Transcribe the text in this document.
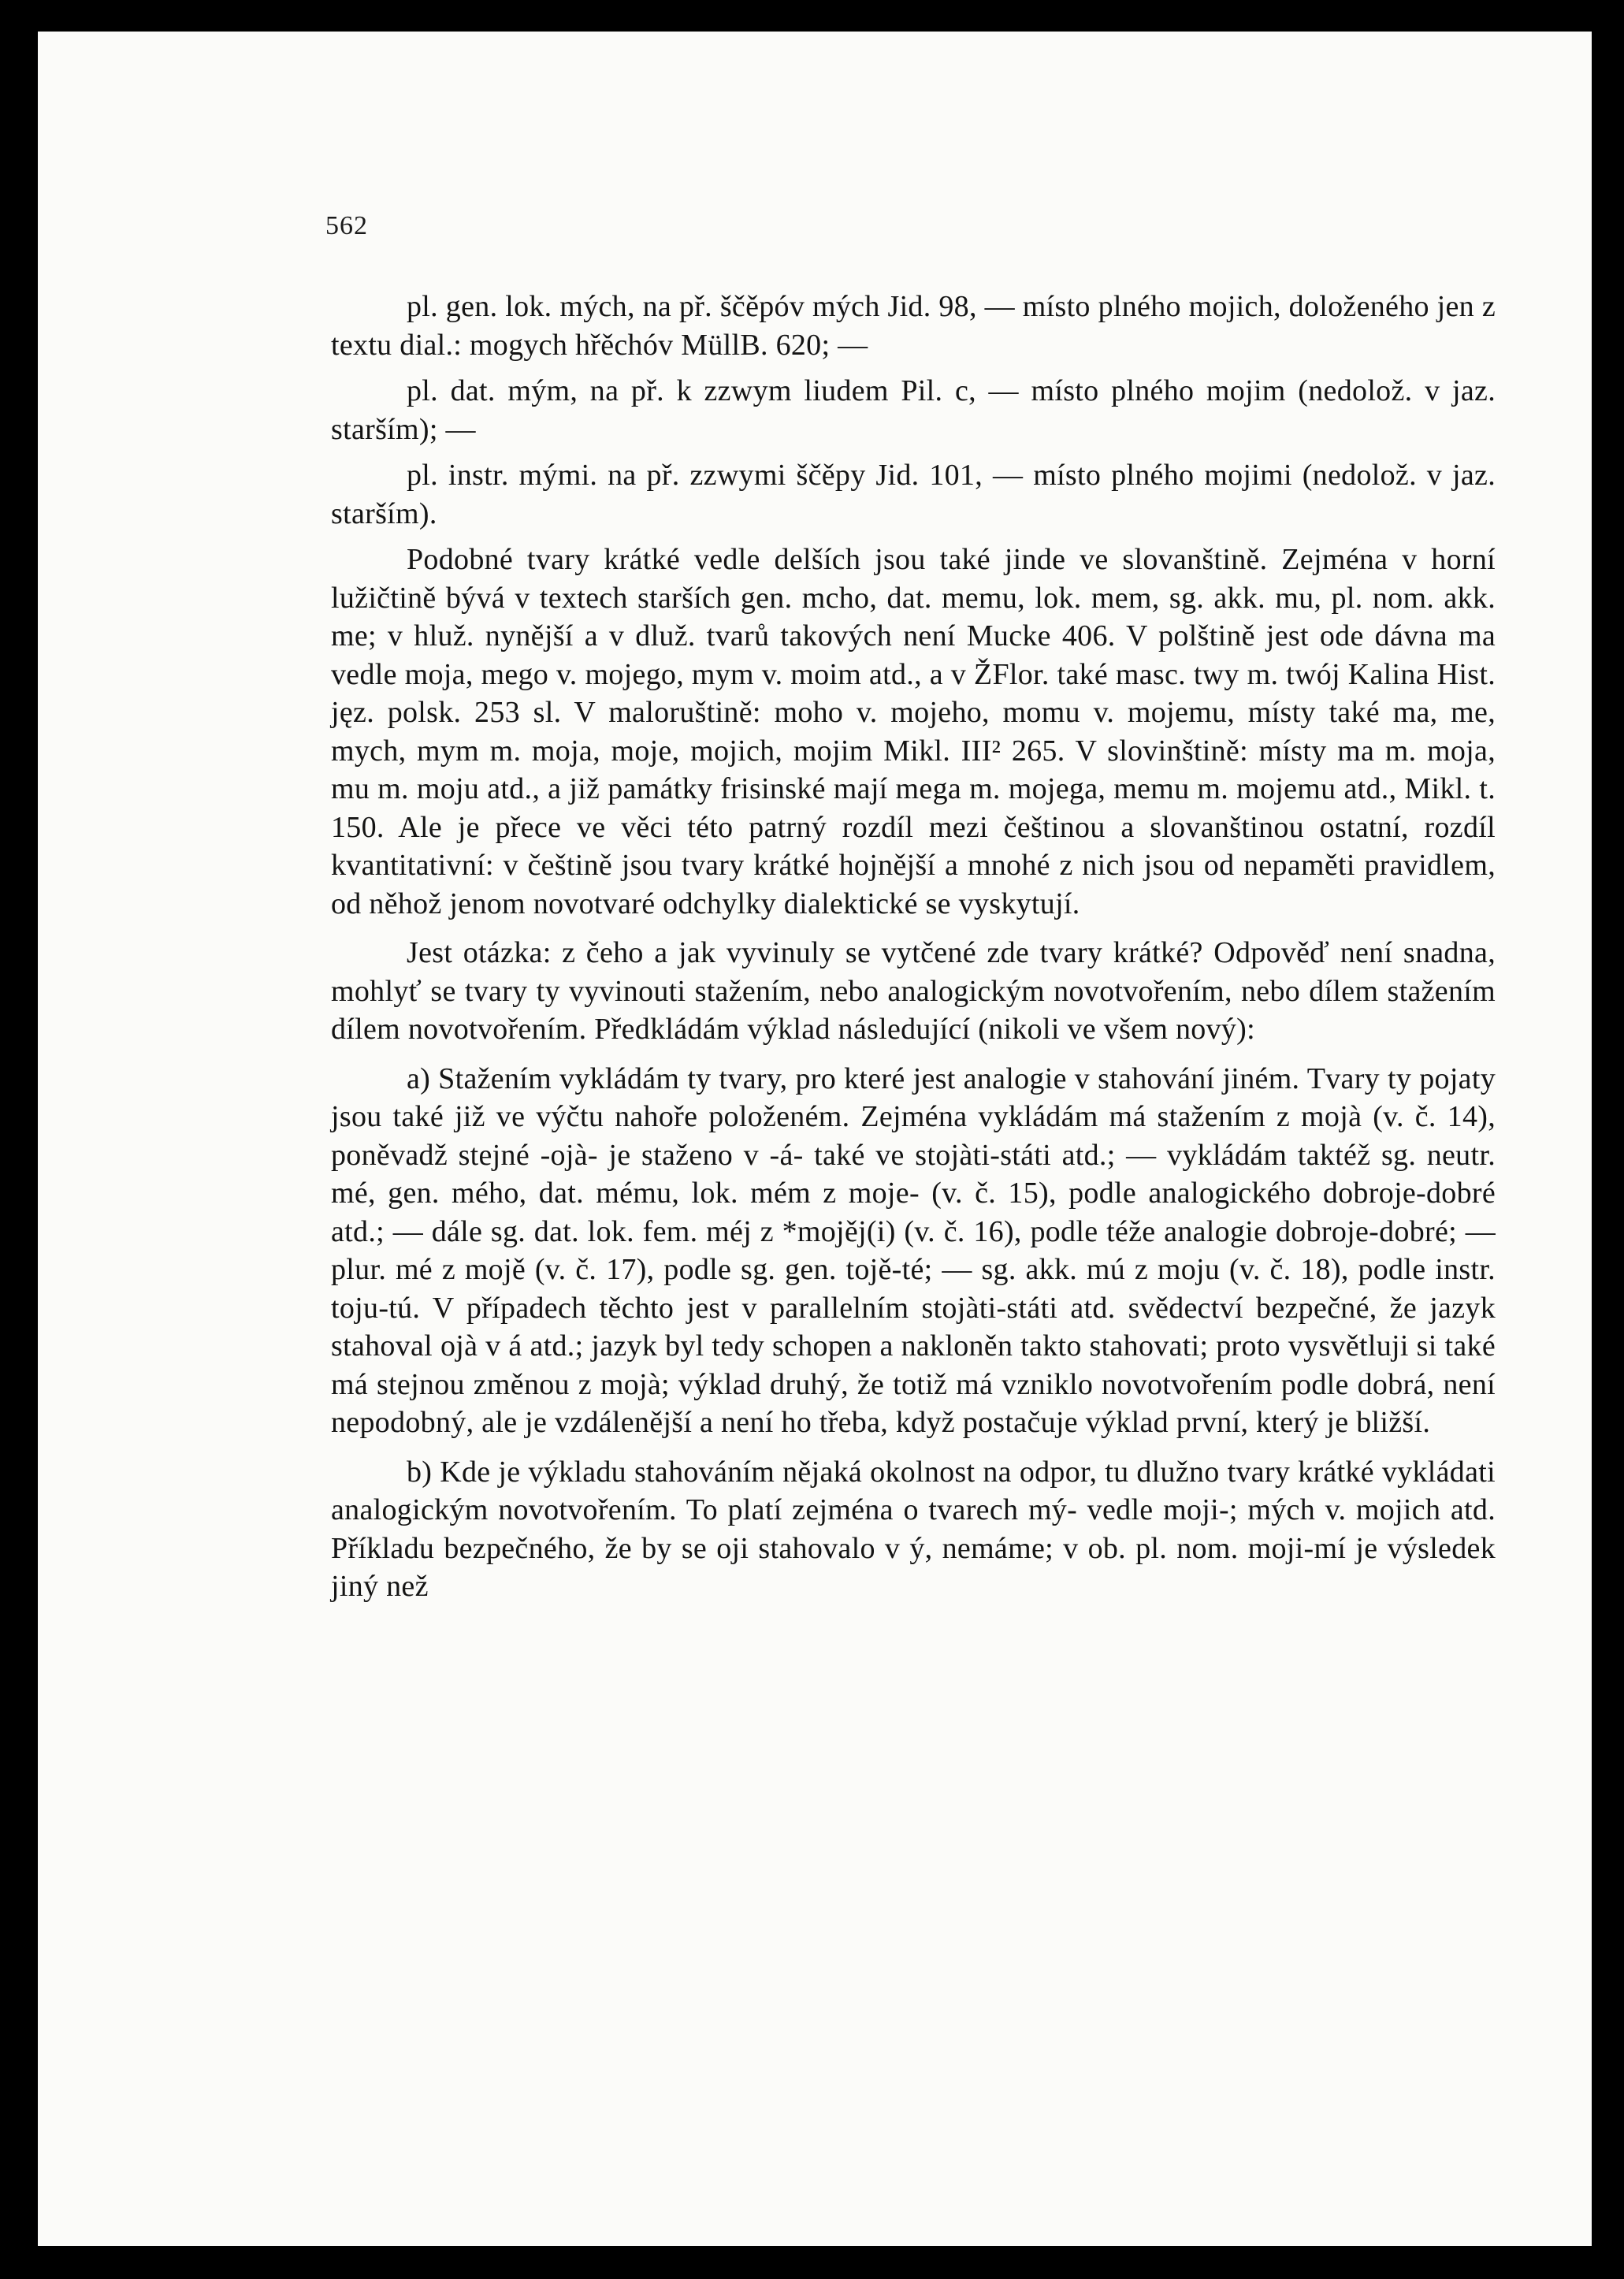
562

pl. gen. lok. mých, na př. ščěpóv mých Jid. 98, — místo plného mojich, doloženého jen z textu dial.: mogych hřěchóv MüllB. 620; —

pl. dat. mým, na př. k zzwym liudem Pil. c, — místo plného mojim (nedolož. v jaz. starším); —

pl. instr. mými. na př. zzwymi ščěpy Jid. 101, — místo plného mojimi (nedolož. v jaz. starším).

Podobné tvary krátké vedle delších jsou také jinde ve slovanštině. Zejména v horní lužičtině bývá v textech starších gen. mcho, dat. memu, lok. mem, sg. akk. mu, pl. nom. akk. me; v hluž. nynější a v dluž. tvarů takových není Mucke 406. V polštině jest ode dávna ma vedle moja, mego v. mojego, mym v. moim atd., a v ŽFlor. také masc. twy m. twój Kalina Hist. jęz. polsk. 253 sl. V maloruštině: moho v. mojeho, momu v. mojemu, místy také ma, me, mych, mym m. moja, moje, mojich, mojim Mikl. III² 265. V slovinštině: místy ma m. moja, mu m. moju atd., a již památky frisinské mají mega m. mojega, memu m. mojemu atd., Mikl. t. 150. Ale je přece ve věci této patrný rozdíl mezi češtinou a slovanštinou ostatní, rozdíl kvantitativní: v češtině jsou tvary krátké hojnější a mnohé z nich jsou od nepaměti pravidlem, od něhož jenom novotvaré odchylky dialektické se vyskytují.

Jest otázka: z čeho a jak vyvinuly se vytčené zde tvary krátké? Odpověď není snadna, mohlyť se tvary ty vyvinouti stažením, nebo analogickým novotvořením, nebo dílem stažením dílem novotvořením. Předkládám výklad následující (nikoli ve všem nový):

a) Stažením vykládám ty tvary, pro které jest analogie v stahování jiném. Tvary ty pojaty jsou také již ve výčtu nahoře položeném. Zejména vykládám má stažením z mojà (v. č. 14), poněvadž stejné -ojà- je staženo v -á- také ve stojàti-státi atd.; — vykládám taktéž sg. neutr. mé, gen. mého, dat. mému, lok. mém z moje- (v. č. 15), podle analogického dobroje-dobré atd.; — dále sg. dat. lok. fem. méj z *mojěj(i) (v. č. 16), podle téže analogie dobroje-dobré; — plur. mé z mojě (v. č. 17), podle sg. gen. tojě-té; — sg. akk. mú z moju (v. č. 18), podle instr. toju-tú. V případech těchto jest v parallelním stojàti-státi atd. svědectví bezpečné, že jazyk stahoval ojà v á atd.; jazyk byl tedy schopen a nakloněn takto stahovati; proto vysvětluji si také má stejnou změnou z mojà; výklad druhý, že totiž má vzniklo novotvořením podle dobrá, není nepodobný, ale je vzdálenější a není ho třeba, když postačuje výklad první, který je bližší.

b) Kde je výkladu stahováním nějaká okolnost na odpor, tu dlužno tvary krátké vykládati analogickým novotvořením. To platí zejména o tvarech mý- vedle moji-; mých v. mojich atd. Příkladu bezpečného, že by se oji stahovalo v ý, nemáme; v ob. pl. nom. moji-mí je výsledek jiný než
